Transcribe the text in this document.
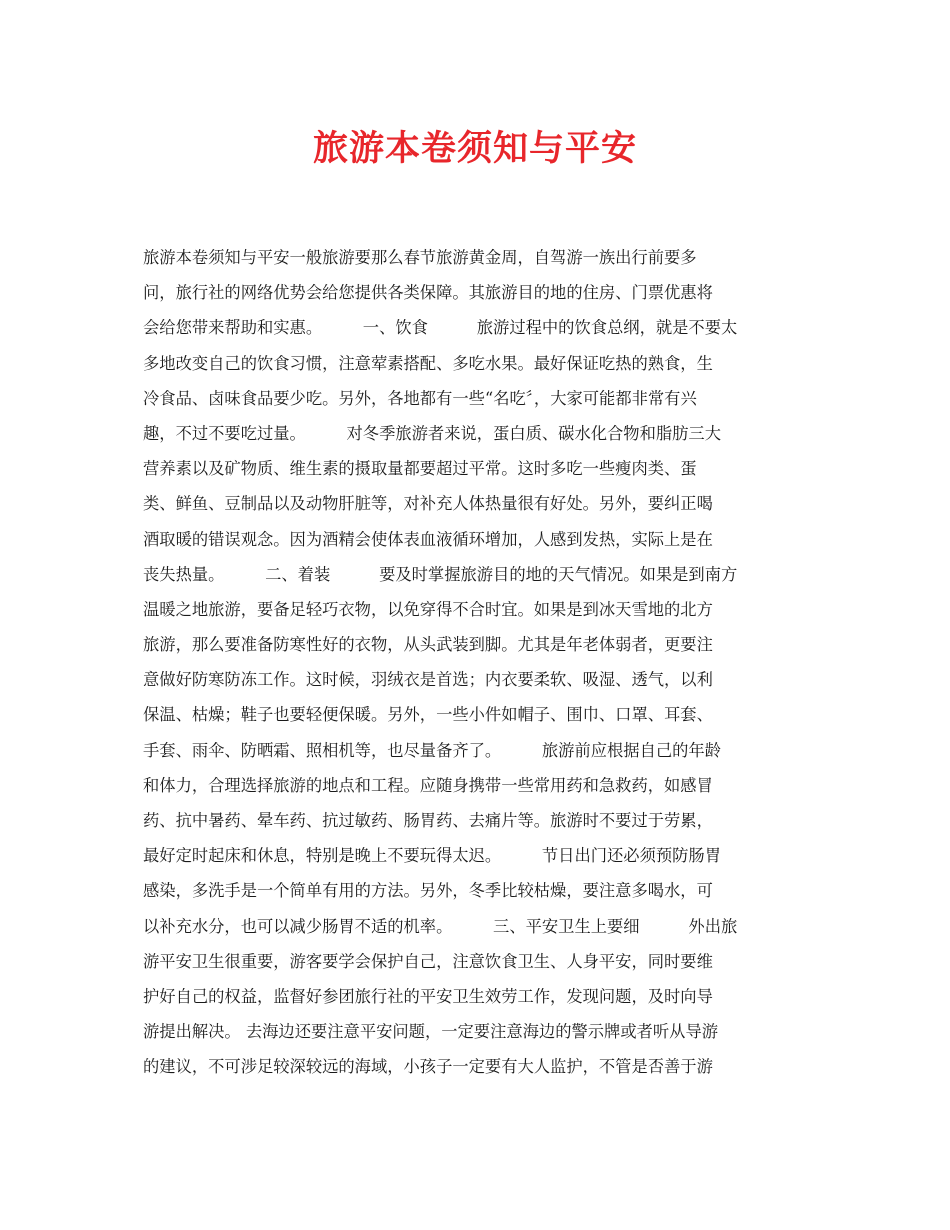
旅游本卷须知与平安
旅游本卷须知与平安一般旅游要那么春节旅游黄金周，自驾游一族出行前要多
问，旅行社的网络优势会给您提供各类保障。其旅游目的地的住房、门票优惠将
会给您带来帮助和实惠。　　　一、饮食　　　旅游过程中的饮食总纲，就是不要太
多地改变自己的饮食习惯，注意荤素搭配、多吃水果。最好保证吃热的熟食，生
冷食品、卤味食品要少吃。另外，各地都有一些“名吃〞，大家可能都非常有兴
趣，不过不要吃过量。　　　对冬季旅游者来说，蛋白质、碳水化合物和脂肪三大
营养素以及矿物质、维生素的摄取量都要超过平常。这时多吃一些瘦肉类、蛋
类、鲜鱼、豆制品以及动物肝脏等，对补充人体热量很有好处。另外，要纠正喝
酒取暖的错误观念。因为酒精会使体表血液循环增加，人感到发热，实际上是在
丧失热量。　　　二、着装　　　要及时掌握旅游目的地的天气情况。如果是到南方
温暖之地旅游，要备足轻巧衣物，以免穿得不合时宜。如果是到冰天雪地的北方
旅游，那么要准备防寒性好的衣物，从头武装到脚。尤其是年老体弱者，更要注
意做好防寒防冻工作。这时候，羽绒衣是首选；内衣要柔软、吸湿、透气，以利
保温、枯燥；鞋子也要轻便保暖。另外，一些小件如帽子、围巾、口罩、耳套、
手套、雨伞、防晒霜、照相机等，也尽量备齐了。　　　旅游前应根据自己的年龄
和体力，合理选择旅游的地点和工程。应随身携带一些常用药和急救药，如感冒
药、抗中暑药、晕车药、抗过敏药、肠胃药、去痛片等。旅游时不要过于劳累，
最好定时起床和休息，特别是晚上不要玩得太迟。　　　节日出门还必须预防肠胃
感染，多洗手是一个简单有用的方法。另外，冬季比较枯燥，要注意多喝水，可
以补充水分，也可以减少肠胃不适的机率。　　　三、平安卫生上要细　　　外出旅
游平安卫生很重要，游客要学会保护自己，注意饮食卫生、人身平安，同时要维
护好自己的权益，监督好参团旅行社的平安卫生效劳工作，发现问题，及时向导
游提出解决。 去海边还要注意平安问题，一定要注意海边的警示牌或者听从导游
的建议，不可涉足较深较远的海域，小孩子一定要有大人监护，不管是否善于游
